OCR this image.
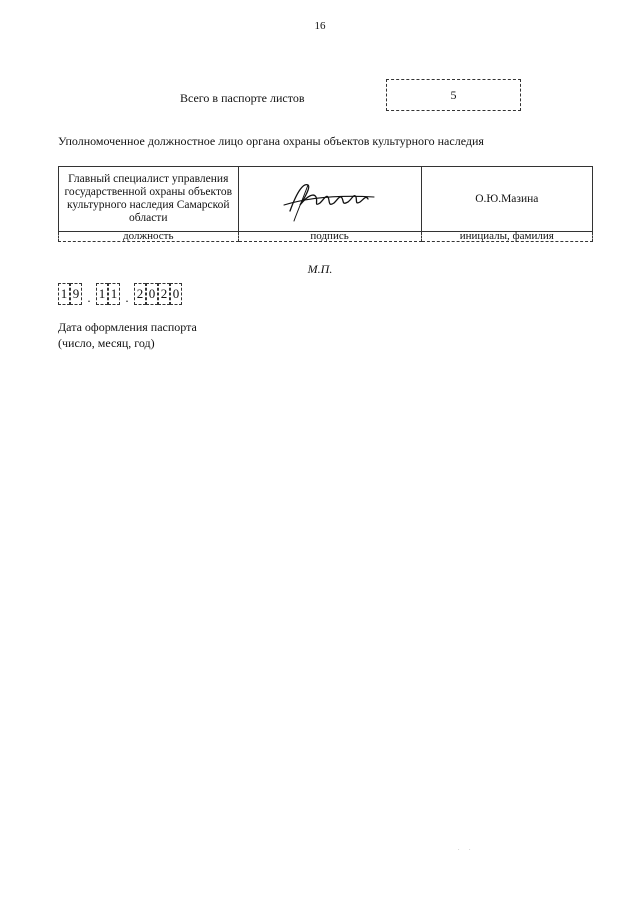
16
Всего в паспорте листов	5
Уполномоченное должностное лицо органа охраны объектов культурного наследия
Главный специалист управления государственной охраны объектов культурного наследия Самарской области		О.Ю.Мазина
должность	подпись	инициалы, фамилия
М.П.
1 9 . 1 1 . 2 0 2 0
Дата оформления паспорта
(число, месяц, год)
. .
